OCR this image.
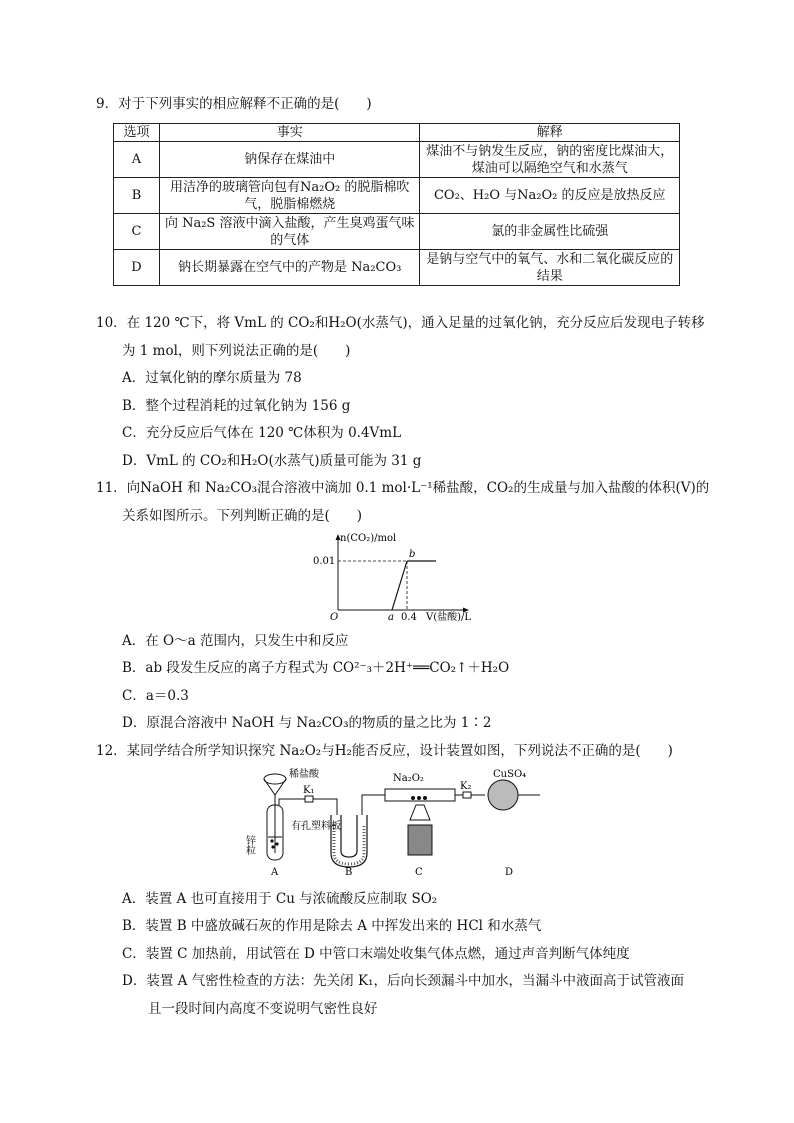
9．对于下列事实的相应解释不正确的是(　　)
选项	事实	解释
A	钠保存在煤油中	煤油不与钠发生反应，钠的密度比煤油大，煤油可以隔绝空气和水蒸气
B	用洁净的玻璃管向包有Na₂O₂ 的脱脂棉吹气，脱脂棉燃烧	CO₂、H₂O 与Na₂O₂ 的反应是放热反应
C	向 Na₂S 溶液中滴入盐酸，产生臭鸡蛋气味的气体	氯的非金属性比硫强
D	钠长期暴露在空气中的产物是 Na₂CO₃	是钠与空气中的氧气、水和二氧化碳反应的结果
10．在 120 ℃下，将 VmL 的 CO₂和H₂O(水蒸气)，通入足量的过氧化钠，充分反应后发现电子转移
为 1 mol，则下列说法正确的是(　　)
A．过氧化钠的摩尔质量为 78
B．整个过程消耗的过氧化钠为 156 g
C．充分反应后气体在 120 ℃体积为 0.4VmL
D．VmL 的 CO₂和H₂O(水蒸气)质量可能为 31 g
11．向NaOH 和 Na₂CO₃混合溶液中滴加 0.1 mol·L⁻¹稀盐酸，CO₂的生成量与加入盐酸的体积(V)的
关系如图所示。下列判断正确的是(　　)
n(CO₂)/mol
0.01
O	a 0.4
b
V(盐酸)/L
A．在 O～a 范围内，只发生中和反应
B．ab 段发生反应的离子方程式为 CO²⁻₃＋2H⁺══CO₂↑＋H₂O
C．a＝0.3
D．原混合溶液中 NaOH 与 Na₂CO₃的物质的量之比为 1∶2
12．某同学结合所学知识探究 Na₂O₂与H₂能否反应，设计装置如图，下列说法不正确的是(　　)
稀盐酸
K₁	K₂
Na₂O₂	CuSO₄
锌粒
有孔塑料板
A	B	C	D
A．装置 A 也可直接用于 Cu 与浓硫酸反应制取 SO₂
B．装置 B 中盛放碱石灰的作用是除去 A 中挥发出来的 HCl 和水蒸气
C．装置 C 加热前，用试管在 D 中管口末端处收集气体点燃，通过声音判断气体纯度
D．装置 A 气密性检查的方法：先关闭 K₁，后向长颈漏斗中加水，当漏斗中液面高于试管液面
且一段时间内高度不变说明气密性良好
